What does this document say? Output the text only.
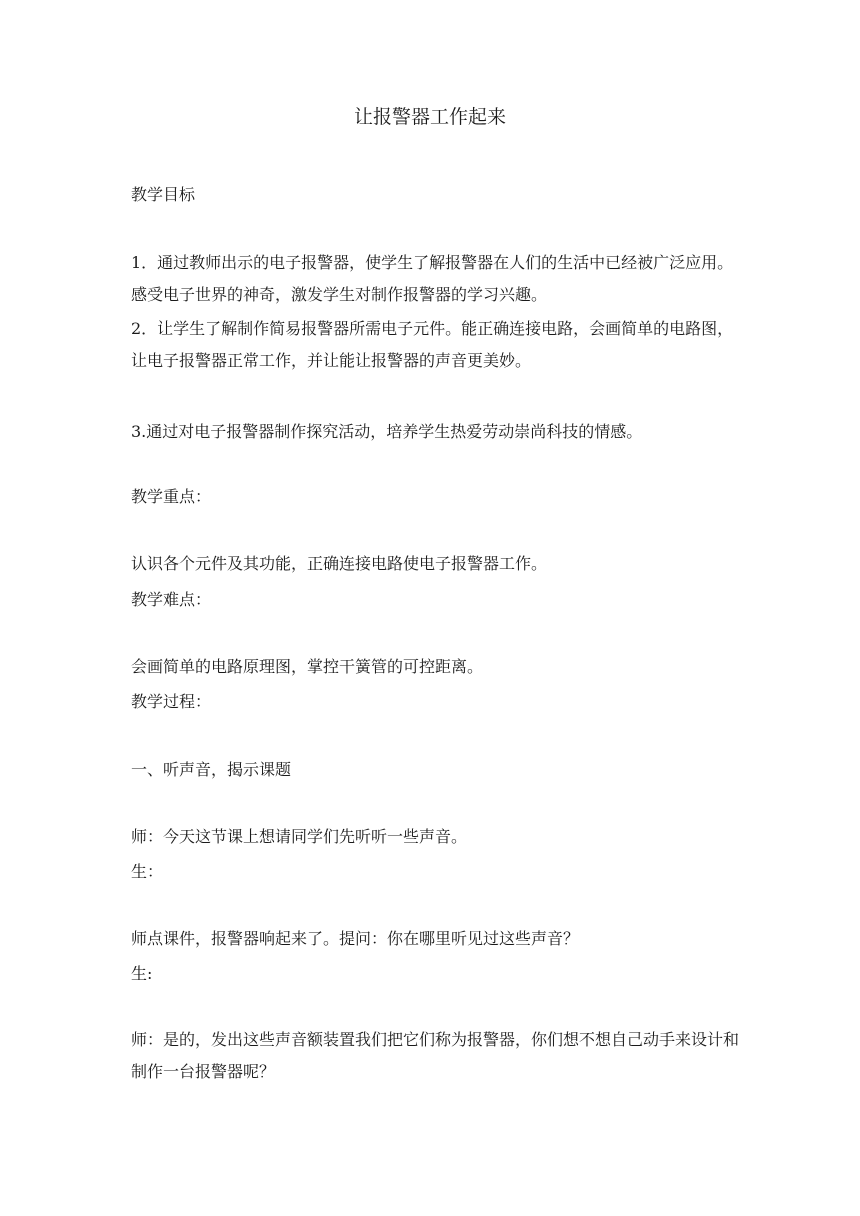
让报警器工作起来
教学目标
1．通过教师出示的电子报警器，使学生了解报警器在人们的生活中已经被广泛应用。感受电子世界的神奇，激发学生对制作报警器的学习兴趣。
2．让学生了解制作简易报警器所需电子元件。能正确连接电路，会画简单的电路图，让电子报警器正常工作，并让能让报警器的声音更美妙。
3.通过对电子报警器制作探究活动，培养学生热爱劳动崇尚科技的情感。
教学重点：
认识各个元件及其功能，正确连接电路使电子报警器工作。
教学难点：
会画简单的电路原理图，掌控干簧管的可控距离。
教学过程：
一、听声音，揭示课题
师：今天这节课上想请同学们先听听一些声音。
生：
师点课件，报警器响起来了。提问：你在哪里听见过这些声音？
生:
师：是的，发出这些声音额装置我们把它们称为报警器，你们想不想自己动手来设计和制作一台报警器呢？
